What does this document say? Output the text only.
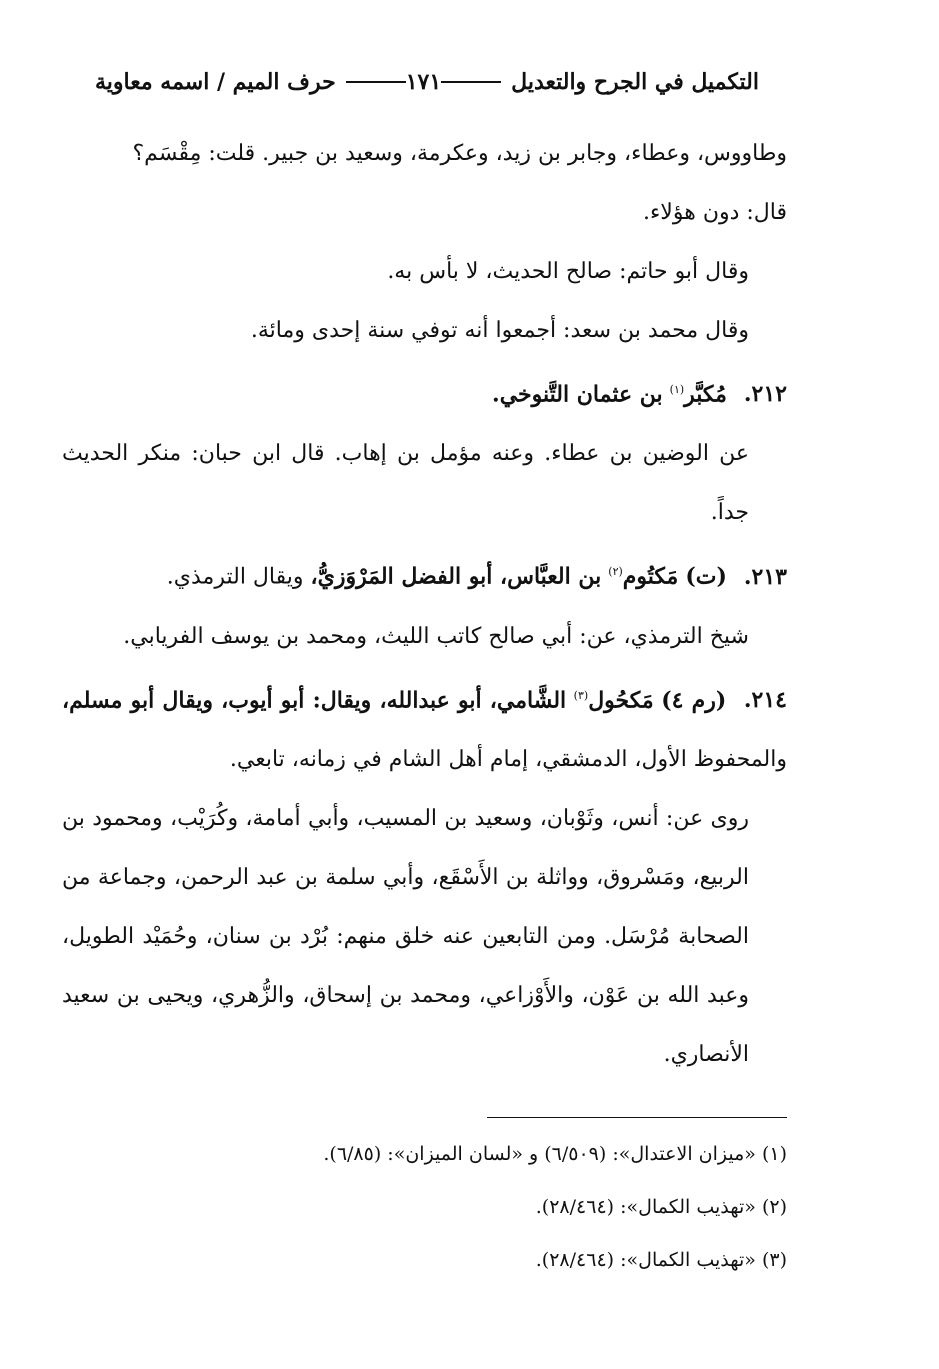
التكميل في الجرح والتعديل
١٧١
حرف الميم / اسمه معاوية

وطاووس، وعطاء، وجابر بن زيد، وعكرمة، وسعيد بن جبير. قلت: مِقْسَم؟

قال: دون هؤلاء.

وقال أبو حاتم: صالح الحديث، لا بأس به.

وقال محمد بن سعد: أجمعوا أنه توفي سنة إحدى ومائة.

٢١٢. مُكبَّر$^{(١)}$ بن عثمان التَّنوخي.

عن الوضين بن عطاء. وعنه مؤمل بن إهاب. قال ابن حبان: منكر الحديث جداً.

٢١٣. (ت) مَكتُوم$^{(٢)}$ بن العبَّاس، أبو الفضل المَرْوَزيُّ، ويقال الترمذي.

شيخ الترمذي، عن: أبي صالح كاتب الليث، ومحمد بن يوسف الفريابي.

٢١٤. (رم ٤) مَكحُول$^{(٣)}$ الشَّامي، أبو عبدالله، ويقال: أبو أيوب، ويقال أبو مسلم، والمحفوظ الأول، الدمشقي، إمام أهل الشام في زمانه، تابعي.

روى عن: أنس، وثَوْبان، وسعيد بن المسيب، وأبي أمامة، وكُرَيْب، ومحمود بن الربيع، ومَسْروق، وواثلة بن الأَسْقَع، وأبي سلمة بن عبد الرحمن، وجماعة من الصحابة مُرْسَل. ومن التابعين عنه خلق منهم: بُرْد بن سنان، وحُمَيْد الطويل، وعبد الله بن عَوْن، والأَوْزاعي، ومحمد بن إسحاق، والزُّهري، ويحيى بن سعيد الأنصاري.

(١) «ميزان الاعتدال»: (٦/٥٠٩) و «لسان الميزان»: (٦/٨٥).

(٢) «تهذيب الكمال»: (٢٨/٤٦٤).

(٣) «تهذيب الكمال»: (٢٨/٤٦٤).
